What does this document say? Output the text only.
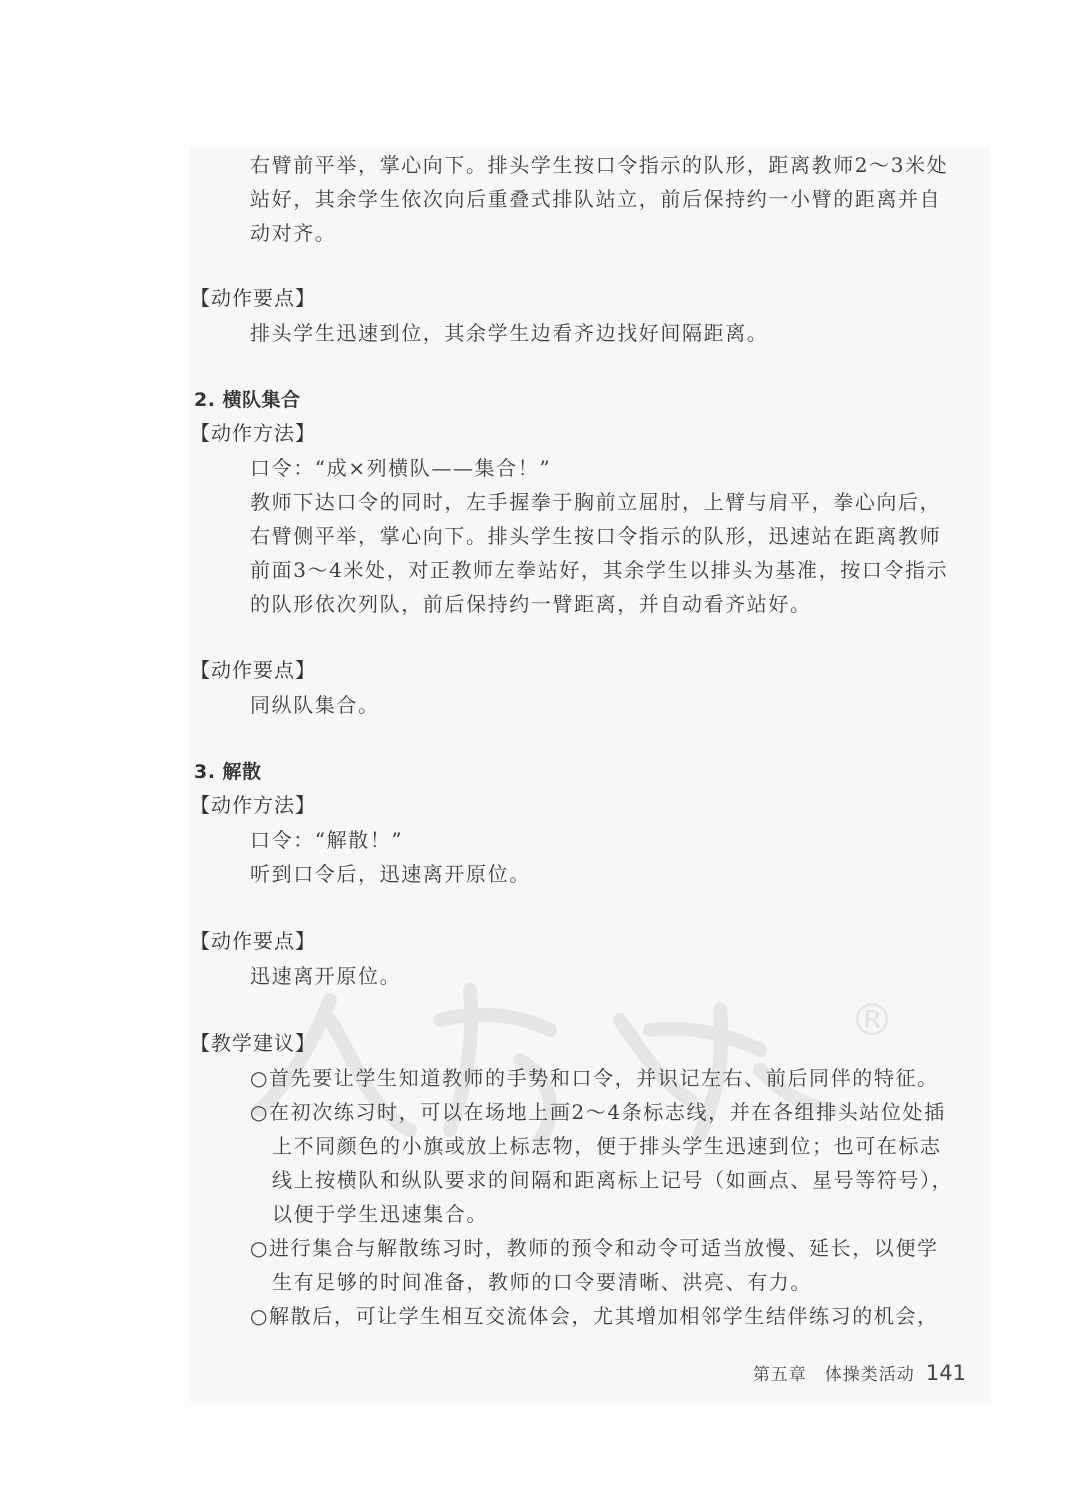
®
右臂前平举，掌心向下。排头学生按口令指示的队形，距离教师2～3米处
站好，其余学生依次向后重叠式排队站立，前后保持约一小臂的距离并自
动对齐。
【动作要点】
排头学生迅速到位，其余学生边看齐边找好间隔距离。
2. 横队集合
【动作方法】
口令：“成×列横队——集合！”
教师下达口令的同时，左手握拳于胸前立屈肘，上臂与肩平，拳心向后，
右臂侧平举，掌心向下。排头学生按口令指示的队形，迅速站在距离教师
前面3～4米处，对正教师左拳站好，其余学生以排头为基准，按口令指示
的队形依次列队，前后保持约一臂距离，并自动看齐站好。
【动作要点】
同纵队集合。
3. 解散
【动作方法】
口令：“解散！”
听到口令后，迅速离开原位。
【动作要点】
迅速离开原位。
【教学建议】
○首先要让学生知道教师的手势和口令，并识记左右、前后同伴的特征。
○在初次练习时，可以在场地上画2～4条标志线，并在各组排头站位处插
上不同颜色的小旗或放上标志物，便于排头学生迅速到位；也可在标志
线上按横队和纵队要求的间隔和距离标上记号（如画点、星号等符号），
以便于学生迅速集合。
○进行集合与解散练习时，教师的预令和动令可适当放慢、延长，以便学
生有足够的时间准备，教师的口令要清晰、洪亮、有力。
○解散后，可让学生相互交流体会，尤其增加相邻学生结伴练习的机会，
第五章　体操类活动 141
